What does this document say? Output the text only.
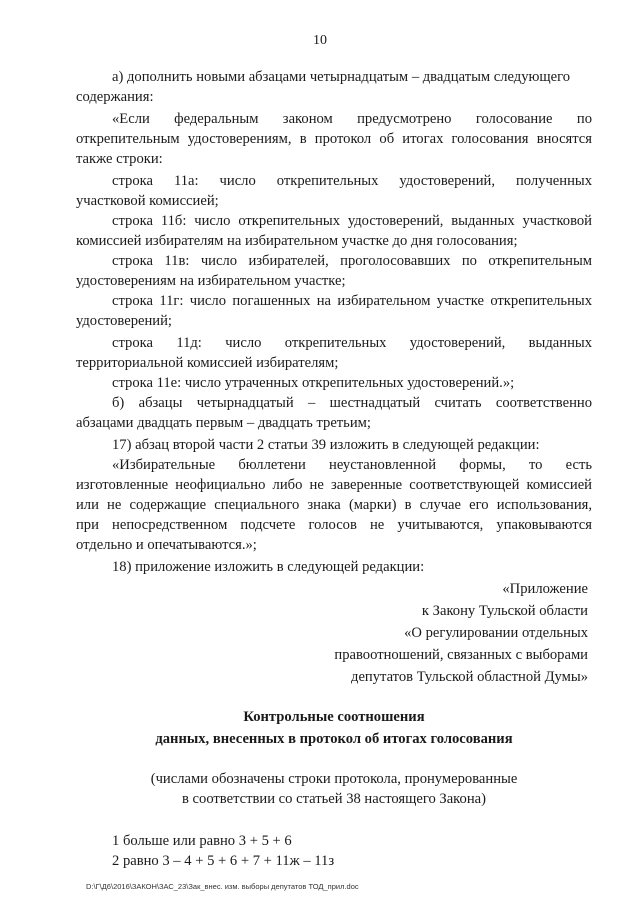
10
а) дополнить новыми абзацами четырнадцатым – двадцатым следующего
содержания:
«Если федеральным законом предусмотрено голосование по
открепительным удостоверениям, в протокол об итогах голосования вносятся
также строки:
строка 11а: число открепительных удостоверений, полученных
участковой комиссией;
строка 11б: число открепительных удостоверений, выданных участковой
комиссией избирателям на избирательном участке до дня голосования;
строка 11в: число избирателей, проголосовавших по открепительным
удостоверениям на избирательном участке;
строка 11г: число погашенных на избирательном участке открепительных
удостоверений;
строка 11д: число открепительных удостоверений, выданных
территориальной комиссией избирателям;
строка 11е: число утраченных открепительных удостоверений.»;
б) абзацы четырнадцатый – шестнадцатый считать соответственно
абзацами двадцать первым – двадцать третьим;
17) абзац второй части 2 статьи 39 изложить в следующей редакции:
«Избирательные бюллетени неустановленной формы, то есть
изготовленные неофициально либо не заверенные соответствующей комиссией
или не содержащие специального знака (марки) в случае его использования,
при непосредственном подсчете голосов не учитываются, упаковываются
отдельно и опечатываются.»;
18) приложение изложить в следующей редакции:
«Приложение
к Закону Тульской области
«О регулировании отдельных
правоотношений, связанных с выборами
депутатов Тульской областной Думы»
Контрольные соотношения
данных, внесенных в протокол об итогах голосования
(числами обозначены строки протокола, пронумерованные
в соответствии со статьей 38 настоящего Закона)
1 больше или равно 3 + 5 + 6
2 равно 3 – 4 + 5 + 6 + 7 + 11ж – 11з
D:\Г\Д6\2016\ЗАКОН\ЗАС_23\Зак_внес. изм. выборы депутатов ТОД_прил.doc
